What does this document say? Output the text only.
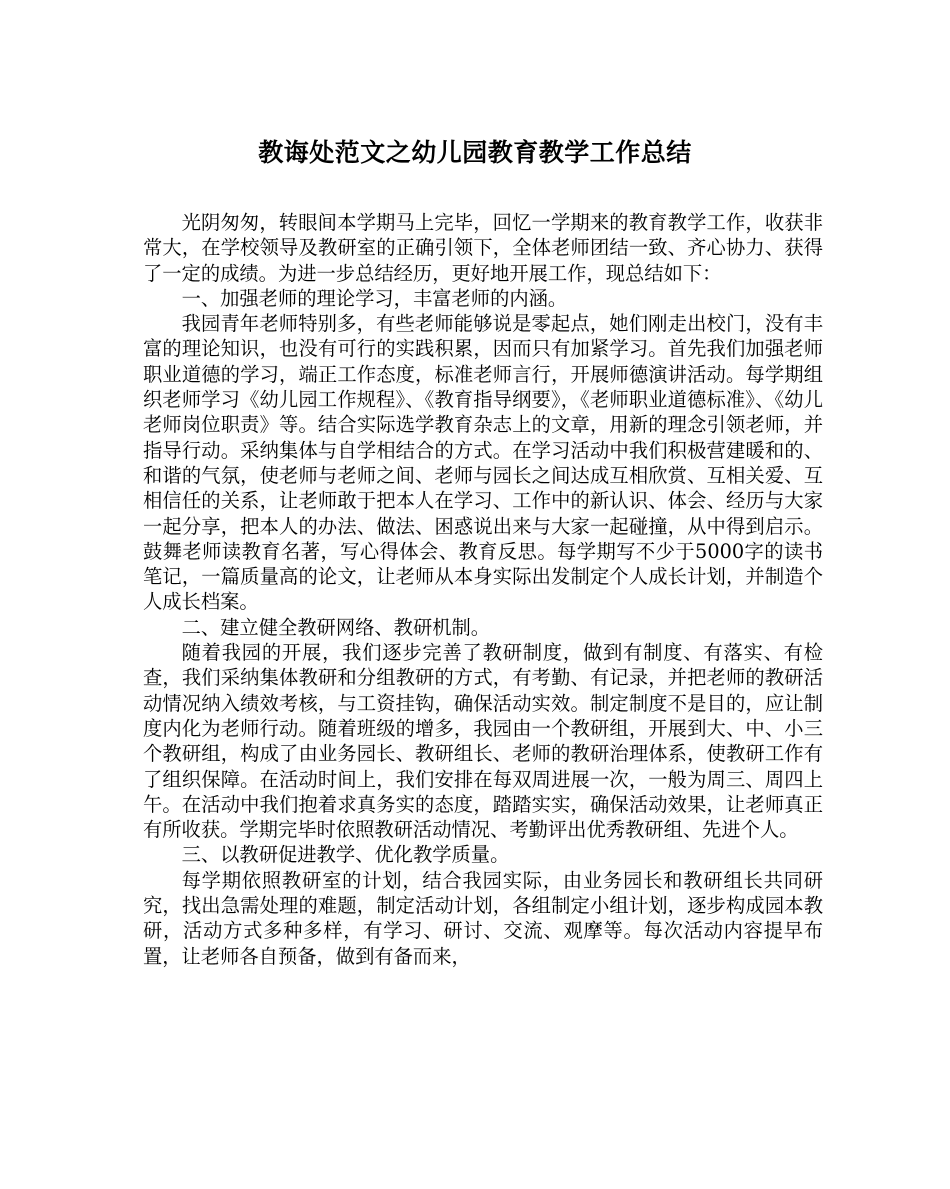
教诲处范文之幼儿园教育教学工作总结

光阴匆匆，转眼间本学期马上完毕，回忆一学期来的教育教学工作，收获非常大，在学校领导及教研室的正确引领下，全体老师团结一致、齐心协力、获得了一定的成绩。为进一步总结经历，更好地开展工作，现总结如下：

一、加强老师的理论学习，丰富老师的内涵。

我园青年老师特别多，有些老师能够说是零起点，她们刚走出校门，没有丰富的理论知识，也没有可行的实践积累，因而只有加紧学习。首先我们加强老师职业道德的学习，端正工作态度，标准老师言行，开展师德演讲活动。每学期组织老师学习《幼儿园工作规程》、《教育指导纲要》，《老师职业道德标准》、《幼儿老师岗位职责》等。结合实际选学教育杂志上的文章，用新的理念引领老师，并指导行动。采纳集体与自学相结合的方式。在学习活动中我们积极营建暖和的、和谐的气氛，使老师与老师之间、老师与园长之间达成互相欣赏、互相关爱、互相信任的关系，让老师敢于把本人在学习、工作中的新认识、体会、经历与大家一起分享，把本人的办法、做法、困惑说出来与大家一起碰撞，从中得到启示。鼓舞老师读教育名著，写心得体会、教育反思。每学期写不少于5000字的读书笔记，一篇质量高的论文，让老师从本身实际出发制定个人成长计划，并制造个人成长档案。

二、建立健全教研网络、教研机制。

随着我园的开展，我们逐步完善了教研制度，做到有制度、有落实、有检查，我们采纳集体教研和分组教研的方式，有考勤、有记录，并把老师的教研活动情况纳入绩效考核，与工资挂钩，确保活动实效。制定制度不是目的，应让制度内化为老师行动。随着班级的增多，我园由一个教研组，开展到大、中、小三个教研组，构成了由业务园长、教研组长、老师的教研治理体系，使教研工作有了组织保障。在活动时间上，我们安排在每双周进展一次，一般为周三、周四上午。在活动中我们抱着求真务实的态度，踏踏实实，确保活动效果，让老师真正有所收获。学期完毕时依照教研活动情况、考勤评出优秀教研组、先进个人。

三、以教研促进教学、优化教学质量。

每学期依照教研室的计划，结合我园实际，由业务园长和教研组长共同研究，找出急需处理的难题，制定活动计划，各组制定小组计划，逐步构成园本教研，活动方式多种多样，有学习、研讨、交流、观摩等。每次活动内容提早布置，让老师各自预备，做到有备而来，
